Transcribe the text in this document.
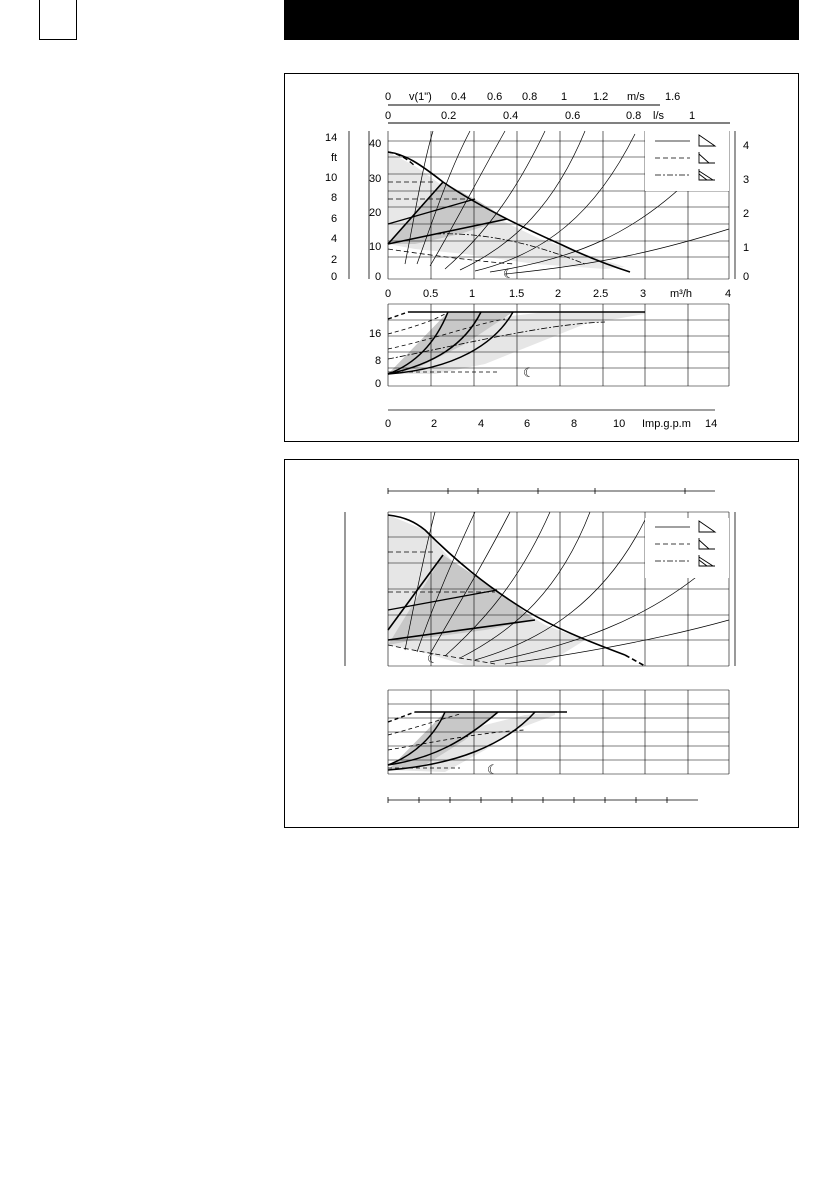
0 v(1") 0.4 0.6 0.8 1 1.2 m/s 1.6
0	0.2	0.4	0.6	0.8 l/s 1
☾
14
ft
10
8
6
4
2
0
40
30
20
10
0
4
3
2
1
0
0	0.5	1	1.5	2	2.5	3 m³/h	4
☾
16
8
0
0	2	4	6	8	10 Imp.g.p.m 14
☾
☾
